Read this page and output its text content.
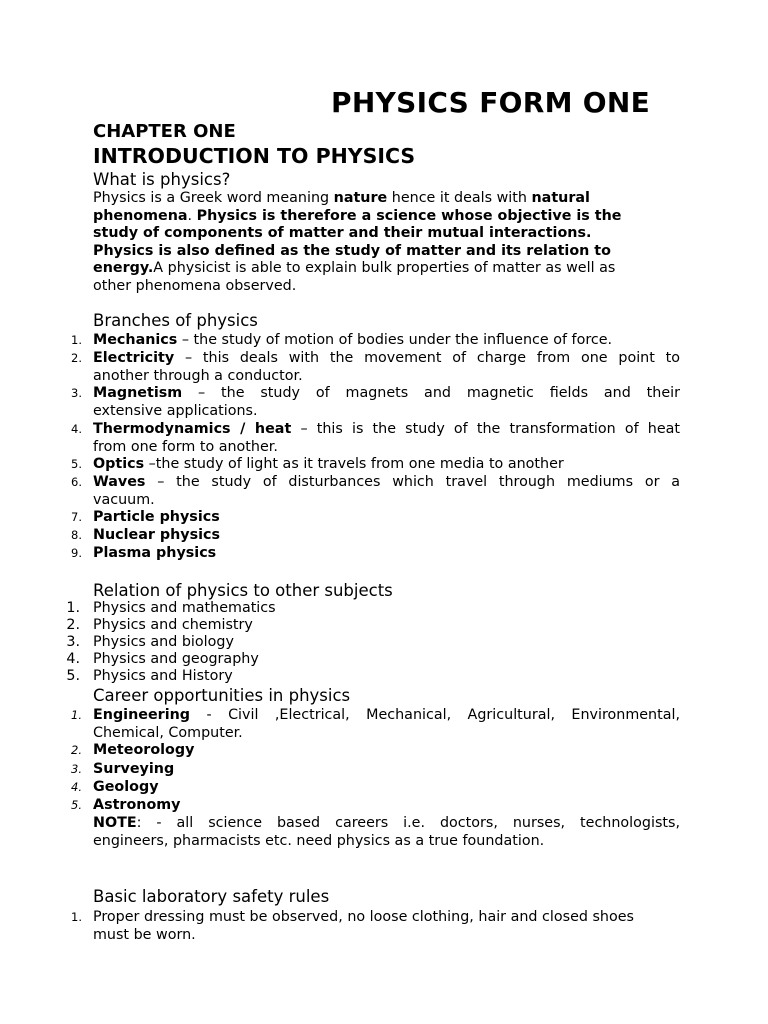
PHYSICS FORM ONE
CHAPTER ONE
INTRODUCTION TO PHYSICS
What is physics?
Physics is a Greek word meaning nature hence it deals with natural
phenomena. Physics is therefore a science whose objective is the
study of components of matter and their mutual interactions.
Physics is also defined as the study of matter and its relation to
energy.A physicist is able to explain bulk properties of matter as well as
other phenomena observed.
Branches of physics
1. Mechanics – the study of motion of bodies under the influence of force.
2. Electricity – this deals with the movement of charge from one point to
another through a conductor.
3. Magnetism – the study of magnets and magnetic fields and their
extensive applications.
4. Thermodynamics / heat – this is the study of the transformation of heat
from one form to another.
5. Optics –the study of light as it travels from one media to another
6. Waves – the study of disturbances which travel through mediums or a
vacuum.
7. Particle physics
8. Nuclear physics
9. Plasma physics
Relation of physics to other subjects
1. Physics and mathematics
2. Physics and chemistry
3. Physics and biology
4. Physics and geography
5. Physics and History
Career opportunities in physics
1. Engineering - Civil ,Electrical, Mechanical, Agricultural, Environmental,
Chemical, Computer.
2. Meteorology
3. Surveying
4. Geology
5. Astronomy
NOTE: - all science based careers i.e. doctors, nurses, technologists,
engineers, pharmacists etc. need physics as a true foundation.
Basic laboratory safety rules
1. Proper dressing must be observed, no loose clothing, hair and closed shoes
must be worn.
